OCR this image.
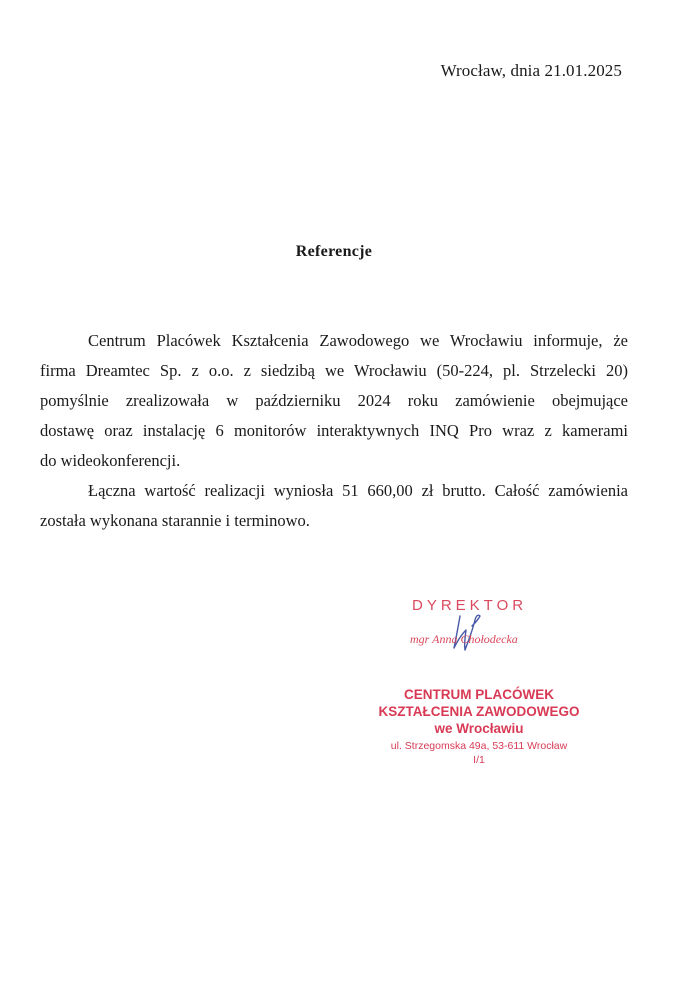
Wrocław, dnia 21.01.2025
Referencje
Centrum Placówek Kształcenia Zawodowego we Wrocławiu informuje, że
firma Dreamtec Sp. z o.o. z siedzibą we Wrocławiu (50-224, pl. Strzelecki 20)
pomyślnie zrealizowała w październiku 2024 roku zamówienie obejmujące
dostawę oraz instalację 6 monitorów interaktywnych INQ Pro wraz z kamerami
do wideokonferencji.
Łączna wartość realizacji wyniosła 51 660,00 zł brutto. Całość zamówienia
została wykonana starannie i terminowo.
DYREKTOR
mgr Anna Chołodecka
CENTRUM PLACÓWEK
KSZTAŁCENIA ZAWODOWEGO
we Wrocławiu
ul. Strzegomska 49a, 53-611 Wrocław
I/1
